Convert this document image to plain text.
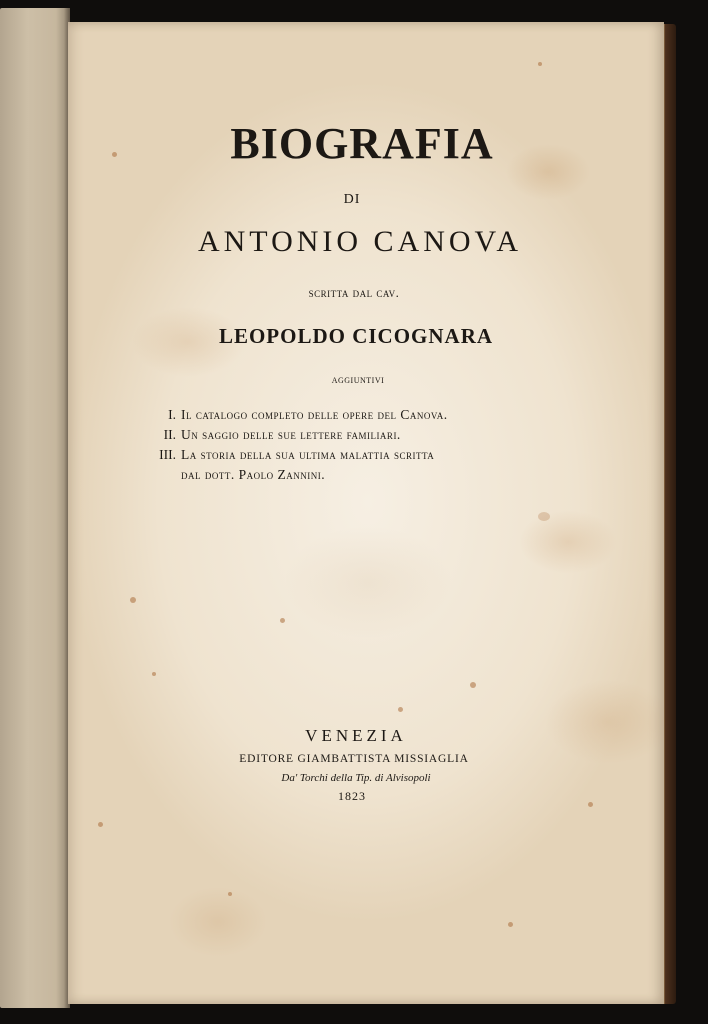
BIOGRAFIA
DI
ANTONIO CANOVA
scritta dal cav.
LEOPOLDO CICOGNARA
aggiuntivi
I. Il catalogo completo delle opere del Canova.
II. Un saggio delle sue lettere familiari.
III. La storia della sua ultima malattia scritta
dal dott. Paolo Zannini.
VENEZIA
EDITORE GIAMBATTISTA MISSIAGLIA
Da' Torchi della Tip. di Alvisopoli
1823
